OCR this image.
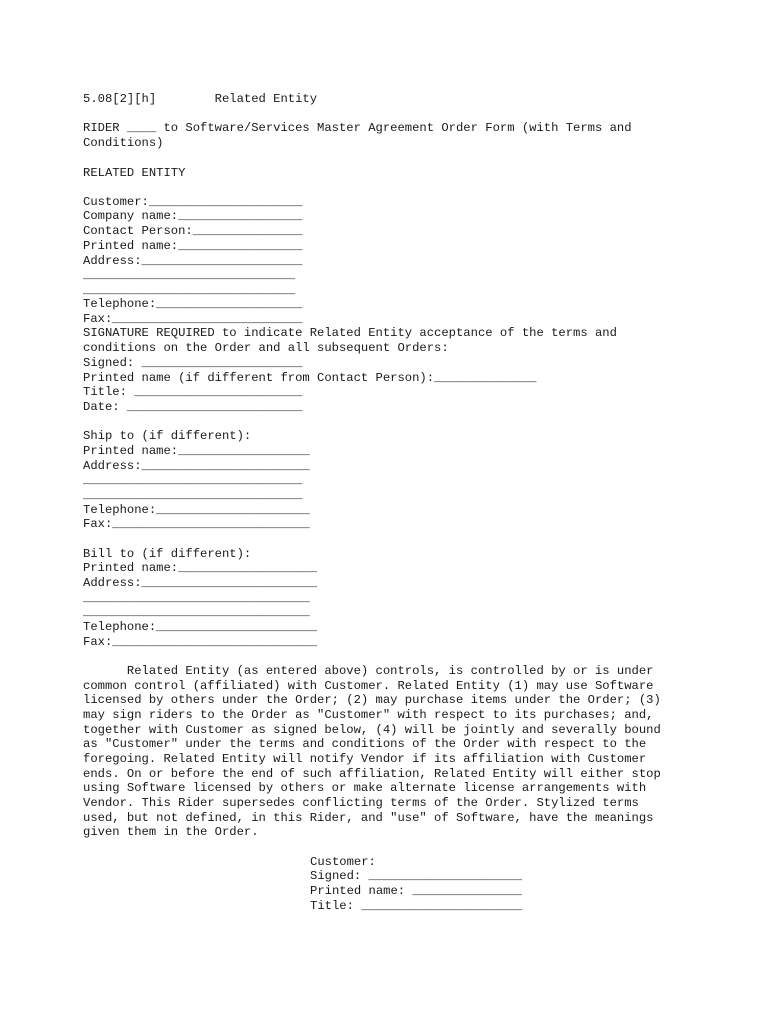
5.08[2][h]	Related Entity
RIDER ____ to Software/Services Master Agreement Order Form (with Terms and
Conditions)
RELATED ENTITY
Customer:_____________________
Company name:_________________
Contact Person:_______________
Printed name:_________________
Address:______________________
_____________________________
_____________________________
Telephone:____________________
Fax:__________________________
SIGNATURE REQUIRED to indicate Related Entity acceptance of the terms and
conditions on the Order and all subsequent Orders:
Signed: ______________________
Printed name (if different from Contact Person):______________
Title: _______________________
Date: ________________________
Ship to (if different):
Printed name:__________________
Address:_______________________
______________________________
______________________________
Telephone:_____________________
Fax:___________________________
Bill to (if different):
Printed name:___________________
Address:________________________
_______________________________
_______________________________
Telephone:______________________
Fax:____________________________
Related Entity (as entered above) controls, is controlled by or is under
common control (affiliated) with Customer. Related Entity (1) may use Software
licensed by others under the Order; (2) may purchase items under the Order; (3)
may sign riders to the Order as "Customer" with respect to its purchases; and,
together with Customer as signed below, (4) will be jointly and severally bound
as "Customer" under the terms and conditions of the Order with respect to the
foregoing. Related Entity will notify Vendor if its affiliation with Customer
ends. On or before the end of such affiliation, Related Entity will either stop
using Software licensed by others or make alternate license arrangements with
Vendor. This Rider supersedes conflicting terms of the Order. Stylized terms
used, but not defined, in this Rider, and "use" of Software, have the meanings
given them in the Order.
Customer:
Signed: _____________________
Printed name: _______________
Title: ______________________
